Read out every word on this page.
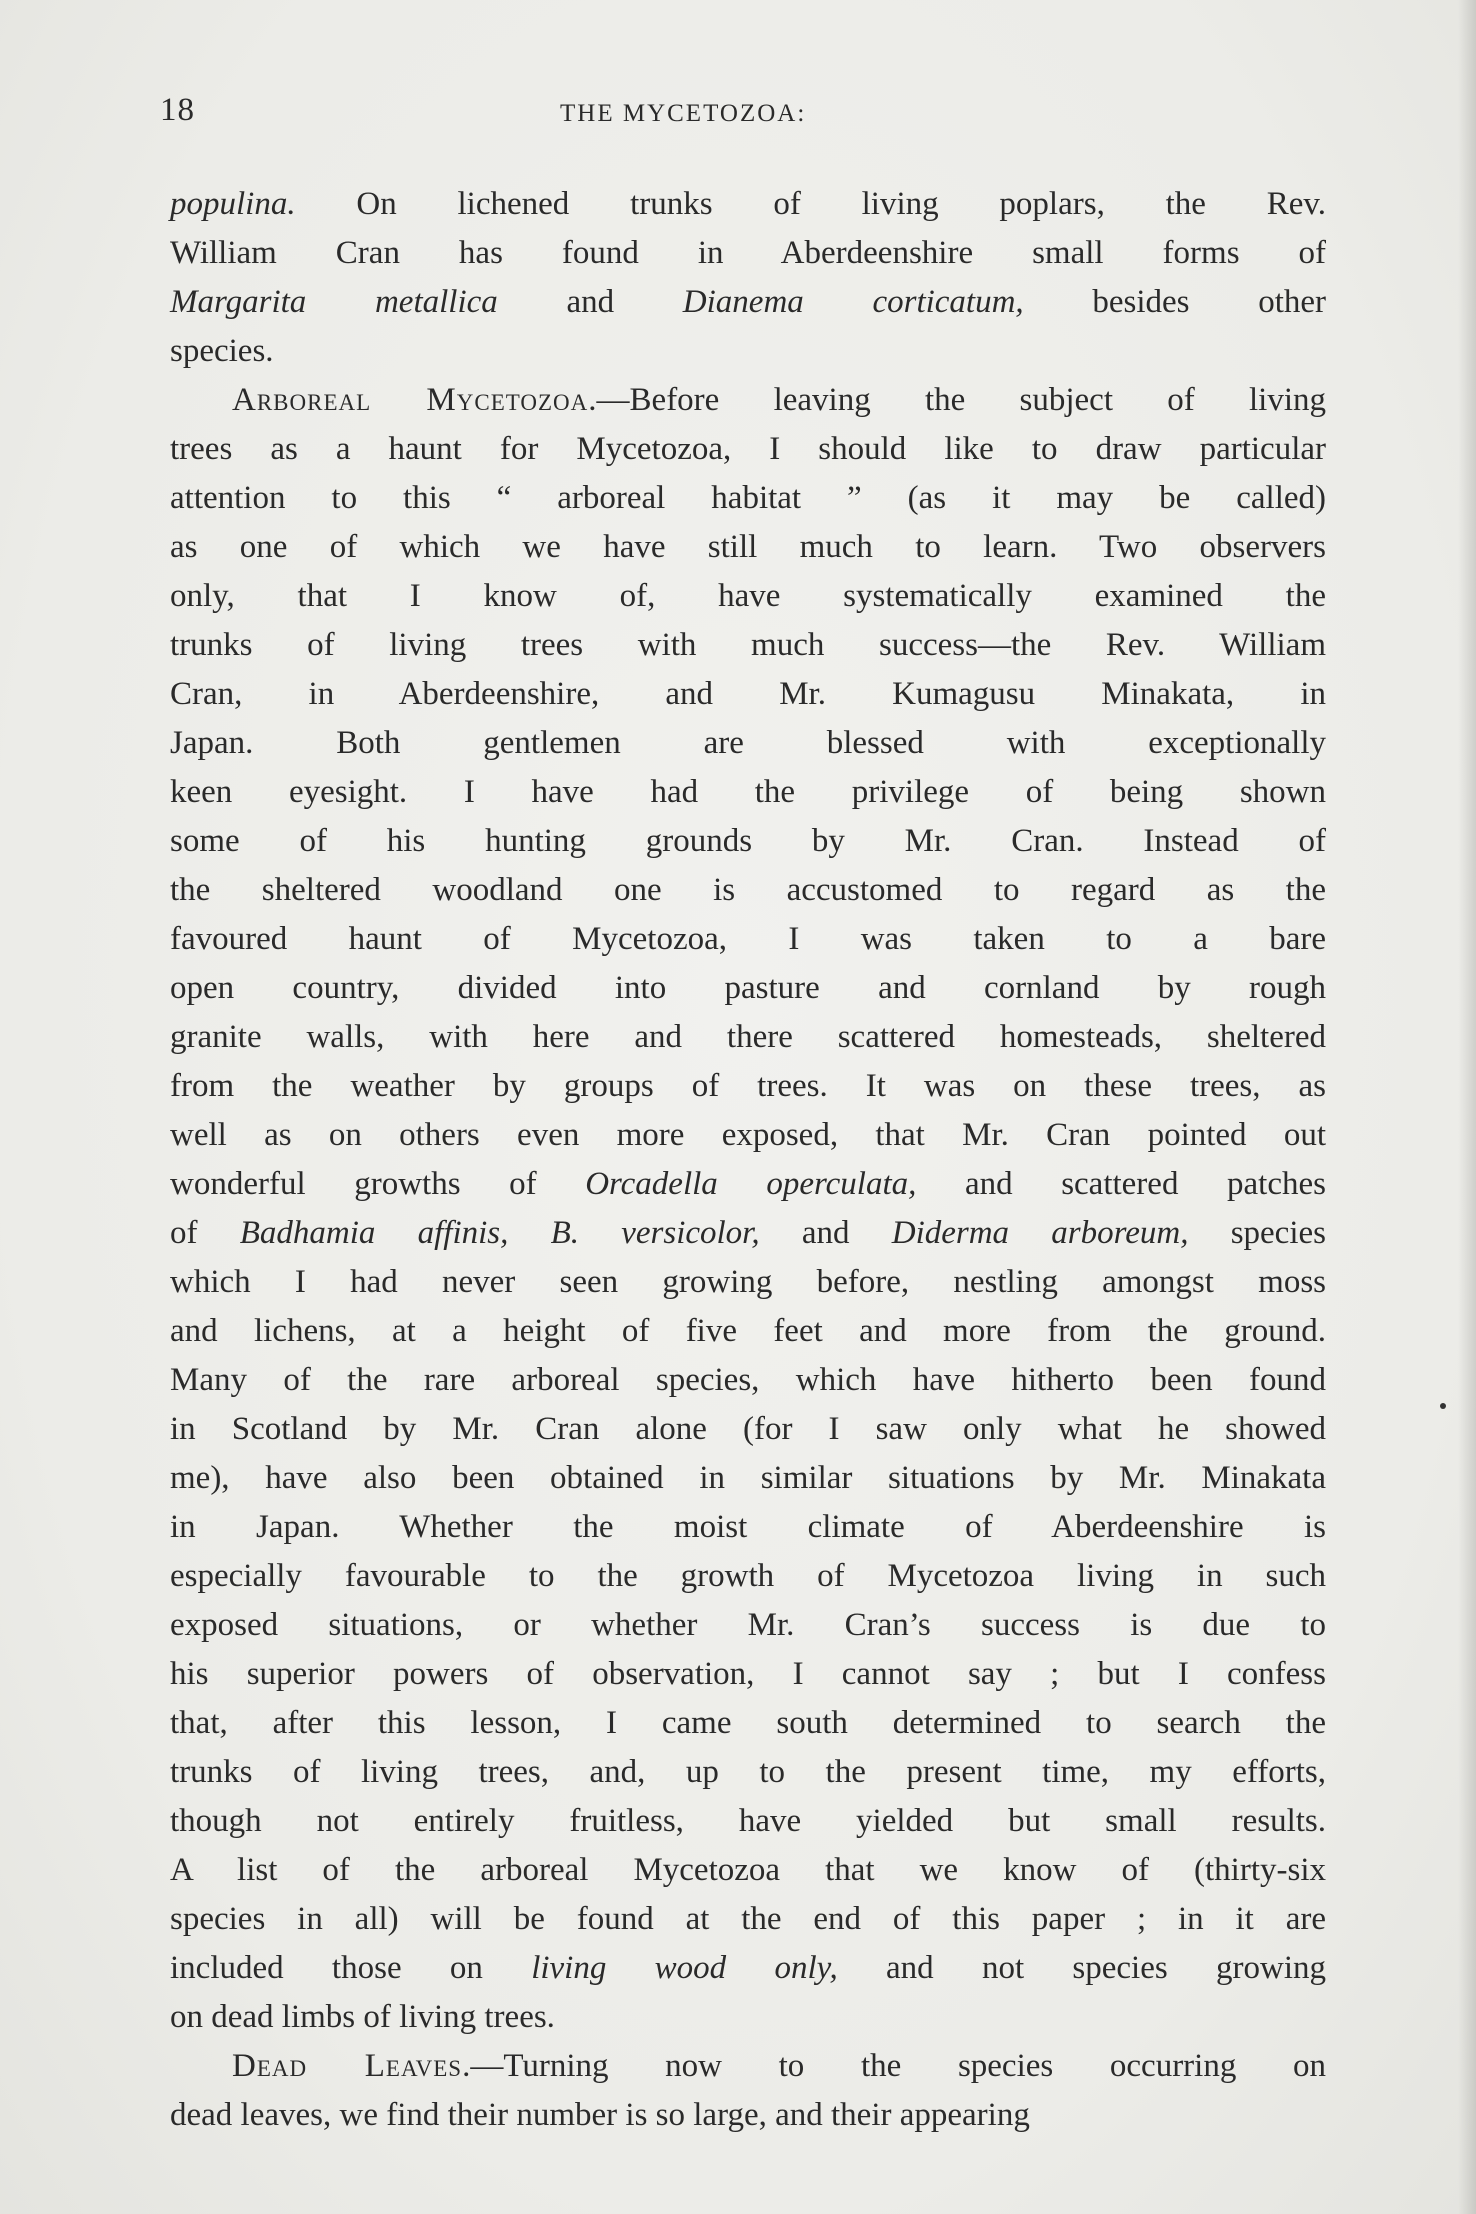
18	THE MYCETOZOA:
populina. On lichened trunks of living poplars, the Rev.
William Cran has found in Aberdeenshire small forms of
Margarita metallica and Dianema corticatum, besides other
species.
Arboreal Mycetozoa.—Before leaving the subject of living
trees as a haunt for Mycetozoa, I should like to draw particular
attention to this “ arboreal habitat ” (as it may be called)
as one of which we have still much to learn. Two observers
only, that I know of, have systematically examined the
trunks of living trees with much success—the Rev. William
Cran, in Aberdeenshire, and Mr. Kumagusu Minakata, in
Japan. Both gentlemen are blessed with exceptionally
keen eyesight. I have had the privilege of being shown
some of his hunting grounds by Mr. Cran. Instead of
the sheltered woodland one is accustomed to regard as the
favoured haunt of Mycetozoa, I was taken to a bare
open country, divided into pasture and cornland by rough
granite walls, with here and there scattered homesteads, sheltered
from the weather by groups of trees. It was on these trees, as
well as on others even more exposed, that Mr. Cran pointed out
wonderful growths of Orcadella operculata, and scattered patches
of Badhamia affinis, B. versicolor, and Diderma arboreum, species
which I had never seen growing before, nestling amongst moss
and lichens, at a height of five feet and more from the ground.
Many of the rare arboreal species, which have hitherto been found
in Scotland by Mr. Cran alone (for I saw only what he showed
me), have also been obtained in similar situations by Mr. Minakata
in Japan. Whether the moist climate of Aberdeenshire is
especially favourable to the growth of Mycetozoa living in such
exposed situations, or whether Mr. Cran’s success is due to
his superior powers of observation, I cannot say ; but I confess
that, after this lesson, I came south determined to search the
trunks of living trees, and, up to the present time, my efforts,
though not entirely fruitless, have yielded but small results.
A list of the arboreal Mycetozoa that we know of (thirty-six
species in all) will be found at the end of this paper ; in it are
included those on living wood only, and not species growing
on dead limbs of living trees.
Dead Leaves.—Turning now to the species occurring on
dead leaves, we find their number is so large, and their appearing
